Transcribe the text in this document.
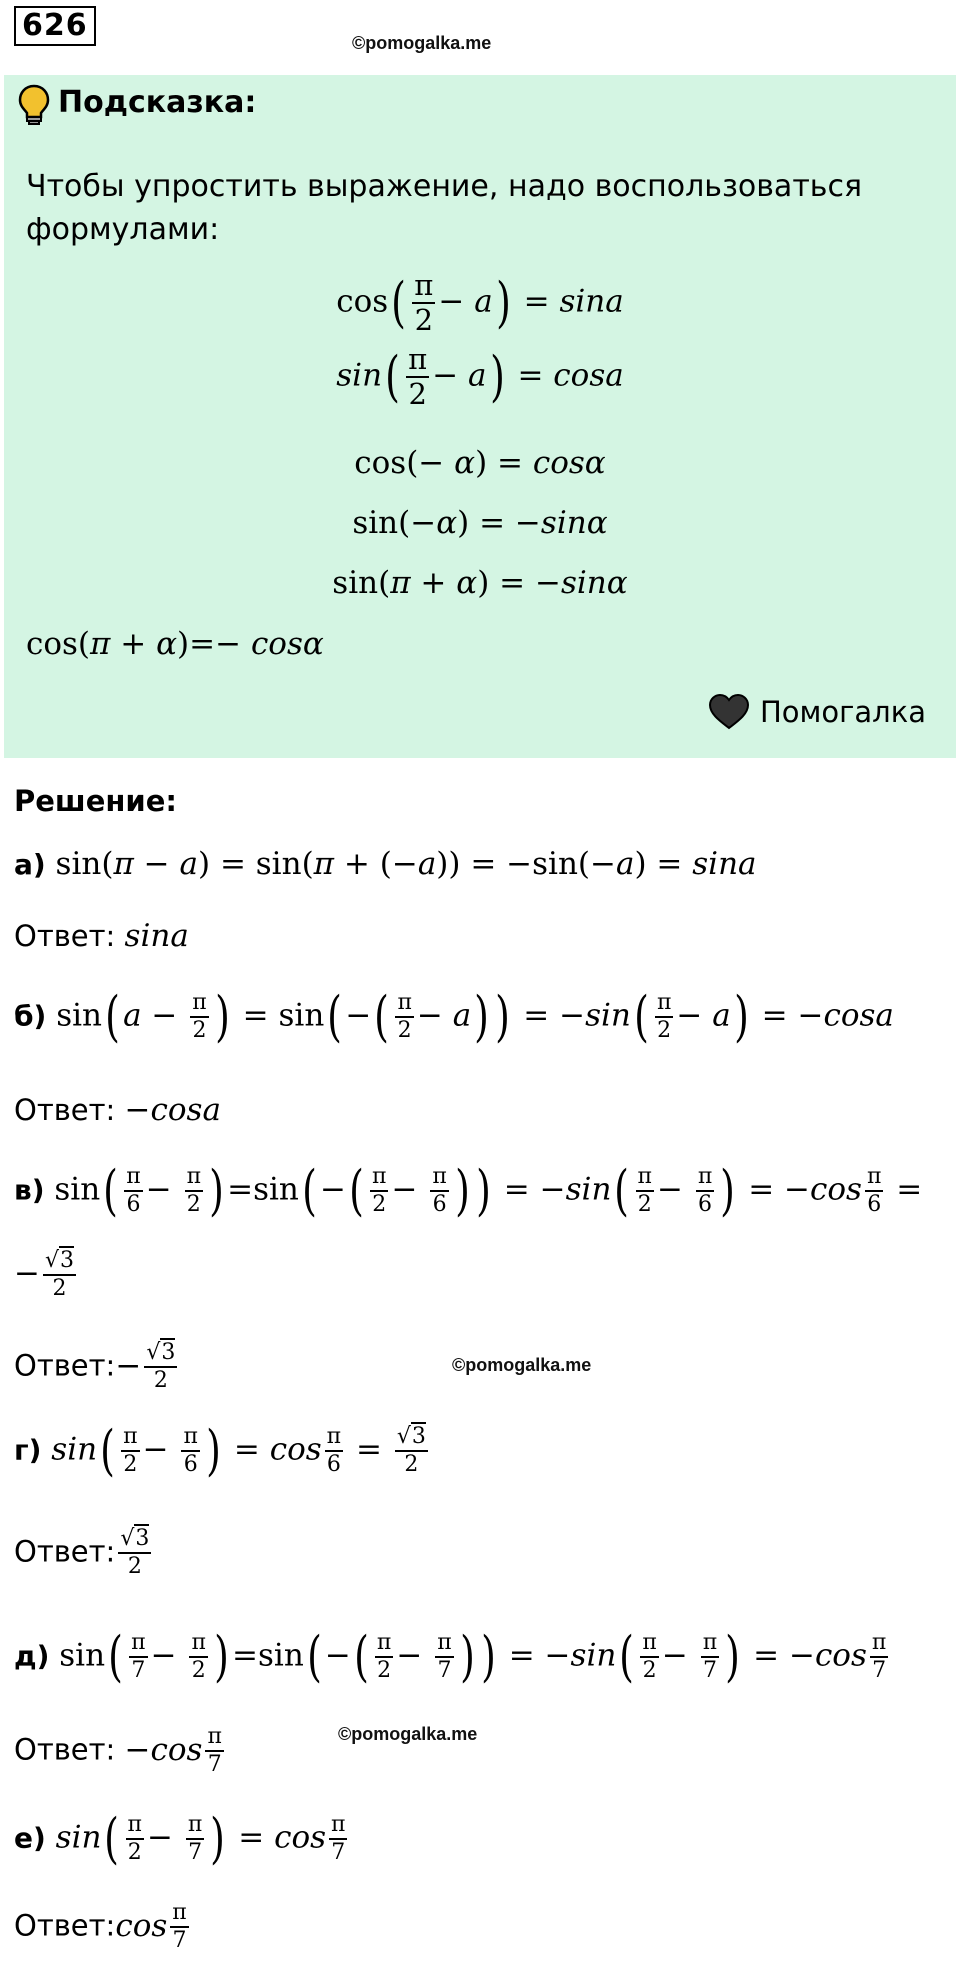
626	©pomogalka.me
Подсказка:
Чтобы упростить выражение, надо воспользоваться
формулами:
$\cos( \frac{\pi}{2} - a) = \sin a$
$\sin( \frac{\pi}{2} - a) = \cos a$
cos(− α) = cosα
sin(−α) = −sinα
sin(π + α) = −sinα
cos(π + α)=− cosα
Помогалка
Решение:
а) sin(π − a) = sin(π + (−a)) = −sin(−a) = sina
Ответ: sina
б) sin( $a - \frac{\pi}{2}$ ) = sin( −( $\frac{\pi}{2} - a$) ) = $-\sin( \frac{\pi}{2} - a) = -\cos a$
Ответ: −cosa
в) $\sin( \frac{\pi}{6} - \frac{\pi}{2}$ ) =sin( −( $\frac{\pi}{2} - \frac{\pi}{6}$ ) ) = $-\sin( \frac{\pi}{2} - \frac{\pi}{6}$ ) = $-\cos \frac{\pi}{6}$ =
− $\frac{√3}{2}$
Ответ:− $\frac{√3}{2}$	©pomogalka.me
г) $\sin( \frac{\pi}{2} - \frac{\pi}{6}$ ) = $\cos \frac{\pi}{6} = \frac{√3}{2}$
Ответ: $\frac{√3}{2}$
д) $\sin( \frac{\pi}{7} - \frac{\pi}{2}$ ) =sin( −( $\frac{\pi}{2} - \frac{\pi}{7}$ ) ) = $-\sin( \frac{\pi}{2} - \frac{\pi}{7}$ ) = $-\cos \frac{\pi}{7}$
Ответ: $-\cos \frac{\pi}{7}$	©pomogalka.me
е) $\sin( \frac{\pi}{2} - \frac{\pi}{7}$ ) = $\cos \frac{\pi}{7}$
Ответ:cos $\frac{\pi}{7}$
